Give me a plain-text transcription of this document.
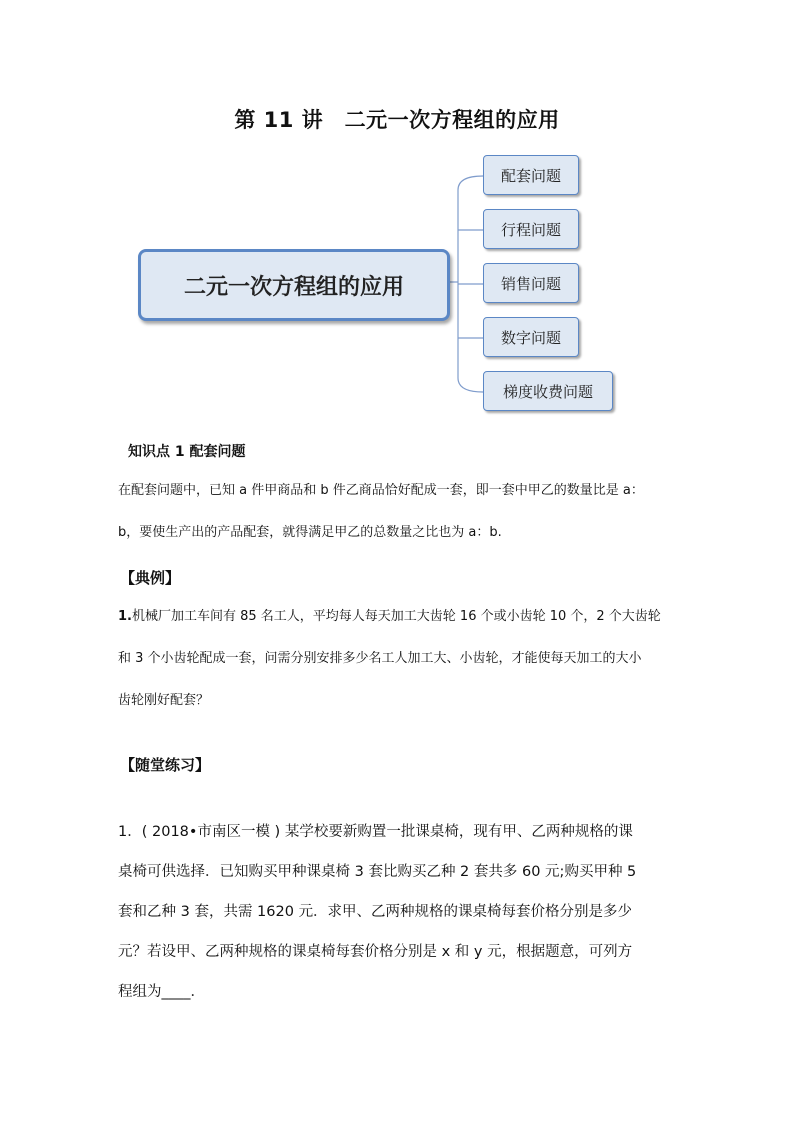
第 11 讲　二元一次方程组的应用
二元一次方程组的应用
配套问题
行程问题
销售问题
数字问题
梯度收费问题
知识点 1 配套问题
在配套问题中，已知 a 件甲商品和 b 件乙商品恰好配成一套，即一套中甲乙的数量比是 a：
b，要使生产出的产品配套，就得满足甲乙的总数量之比也为 a：b.
【典例】
1.机械厂加工车间有 85 名工人，平均每人每天加工大齿轮 16 个或小齿轮 10 个，2 个大齿轮
和 3 个小齿轮配成一套，问需分别安排多少名工人加工大、小齿轮，才能使每天加工的大小
齿轮刚好配套？
【随堂练习】
1．( 2018•市南区一模 ) 某学校要新购置一批课桌椅，现有甲、乙两种规格的课
桌椅可供选择．已知购买甲种课桌椅 3 套比购买乙种 2 套共多 60 元;购买甲种 5
套和乙种 3 套，共需 1620 元．求甲、乙两种规格的课桌椅每套价格分别是多少
元？若设甲、乙两种规格的课桌椅每套价格分别是 x 和 y 元，根据题意，可列方
程组为____．
